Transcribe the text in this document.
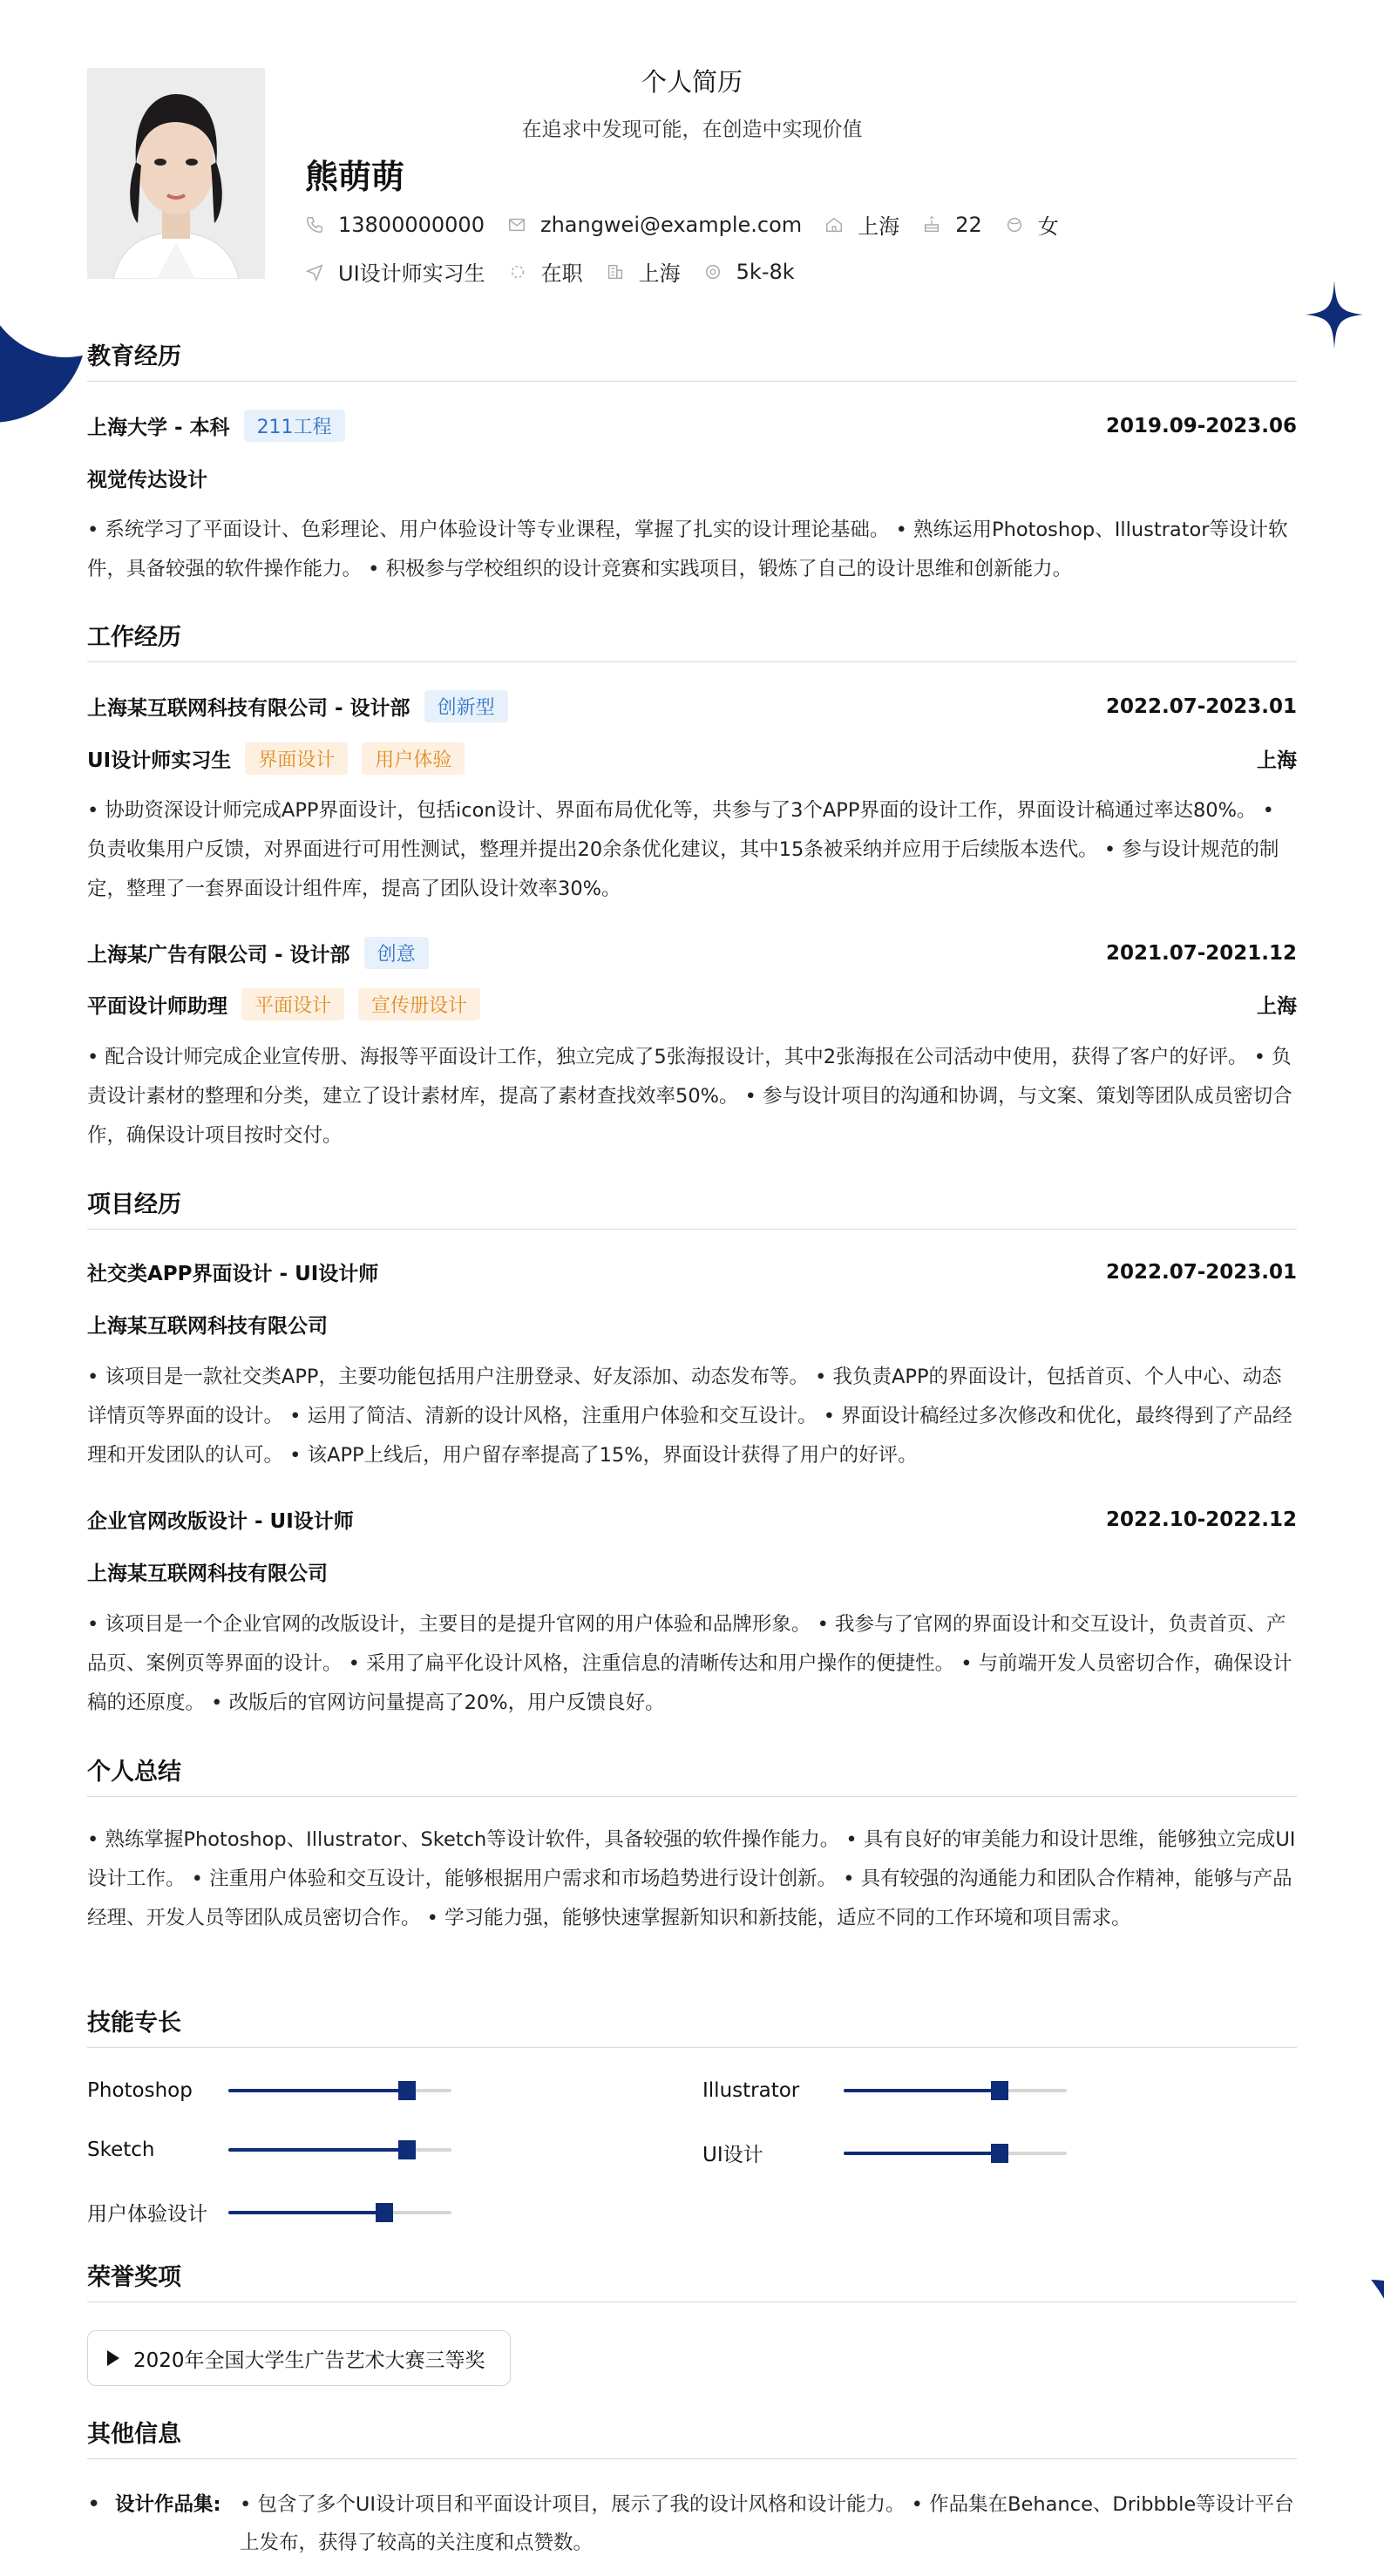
个人简历
在追求中发现可能，在创造中实现价值
熊萌萌
13800000000	zhangwei@example.com	上海	22	女
UI设计师实习生	在职	上海	5k-8k
教育经历
上海大学 - 本科	211工程	2019.09-2023.06
视觉传达设计
• 系统学习了平面设计、色彩理论、用户体验设计等专业课程，掌握了扎实的设计理论基础。 • 熟练运用Photoshop、Illustrator等设计软件，具备较强的软件操作能力。 • 积极参与学校组织的设计竞赛和实践项目，锻炼了自己的设计思维和创新能力。
工作经历
上海某互联网科技有限公司 - 设计部	创新型	2022.07-2023.01
UI设计师实习生	界面设计	用户体验	上海
• 协助资深设计师完成APP界面设计，包括icon设计、界面布局优化等，共参与了3个APP界面的设计工作，界面设计稿通过率达80%。 • 负责收集用户反馈，对界面进行可用性测试，整理并提出20余条优化建议，其中15条被采纳并应用于后续版本迭代。 • 参与设计规范的制定，整理了一套界面设计组件库，提高了团队设计效率30%。
上海某广告有限公司 - 设计部	创意	2021.07-2021.12
平面设计师助理	平面设计	宣传册设计	上海
• 配合设计师完成企业宣传册、海报等平面设计工作，独立完成了5张海报设计，其中2张海报在公司活动中使用，获得了客户的好评。 • 负责设计素材的整理和分类，建立了设计素材库，提高了素材查找效率50%。 • 参与设计项目的沟通和协调，与文案、策划等团队成员密切合作，确保设计项目按时交付。
项目经历
社交类APP界面设计 - UI设计师	2022.07-2023.01
上海某互联网科技有限公司
• 该项目是一款社交类APP，主要功能包括用户注册登录、好友添加、动态发布等。 • 我负责APP的界面设计，包括首页、个人中心、动态详情页等界面的设计。 • 运用了简洁、清新的设计风格，注重用户体验和交互设计。 • 界面设计稿经过多次修改和优化，最终得到了产品经理和开发团队的认可。 • 该APP上线后，用户留存率提高了15%，界面设计获得了用户的好评。
企业官网改版设计 - UI设计师	2022.10-2022.12
上海某互联网科技有限公司
• 该项目是一个企业官网的改版设计，主要目的是提升官网的用户体验和品牌形象。 • 我参与了官网的界面设计和交互设计，负责首页、产品页、案例页等界面的设计。 • 采用了扁平化设计风格，注重信息的清晰传达和用户操作的便捷性。 • 与前端开发人员密切合作，确保设计稿的还原度。 • 改版后的官网访问量提高了20%，用户反馈良好。
个人总结
• 熟练掌握Photoshop、Illustrator、Sketch等设计软件，具备较强的软件操作能力。 • 具有良好的审美能力和设计思维，能够独立完成UI设计工作。 • 注重用户体验和交互设计，能够根据用户需求和市场趋势进行设计创新。 • 具有较强的沟通能力和团队合作精神，能够与产品经理、开发人员等团队成员密切合作。 • 学习能力强，能够快速掌握新知识和新技能，适应不同的工作环境和项目需求。
技能专长
Photoshop	Illustrator
Sketch	UI设计
用户体验设计
荣誉奖项
2020年全国大学生广告艺术大赛三等奖
其他信息
• 设计作品集: • 包含了多个UI设计项目和平面设计项目，展示了我的设计风格和设计能力。 • 作品集在Behance、Dribbble等设计平台上发布，获得了较高的关注度和点赞数。
